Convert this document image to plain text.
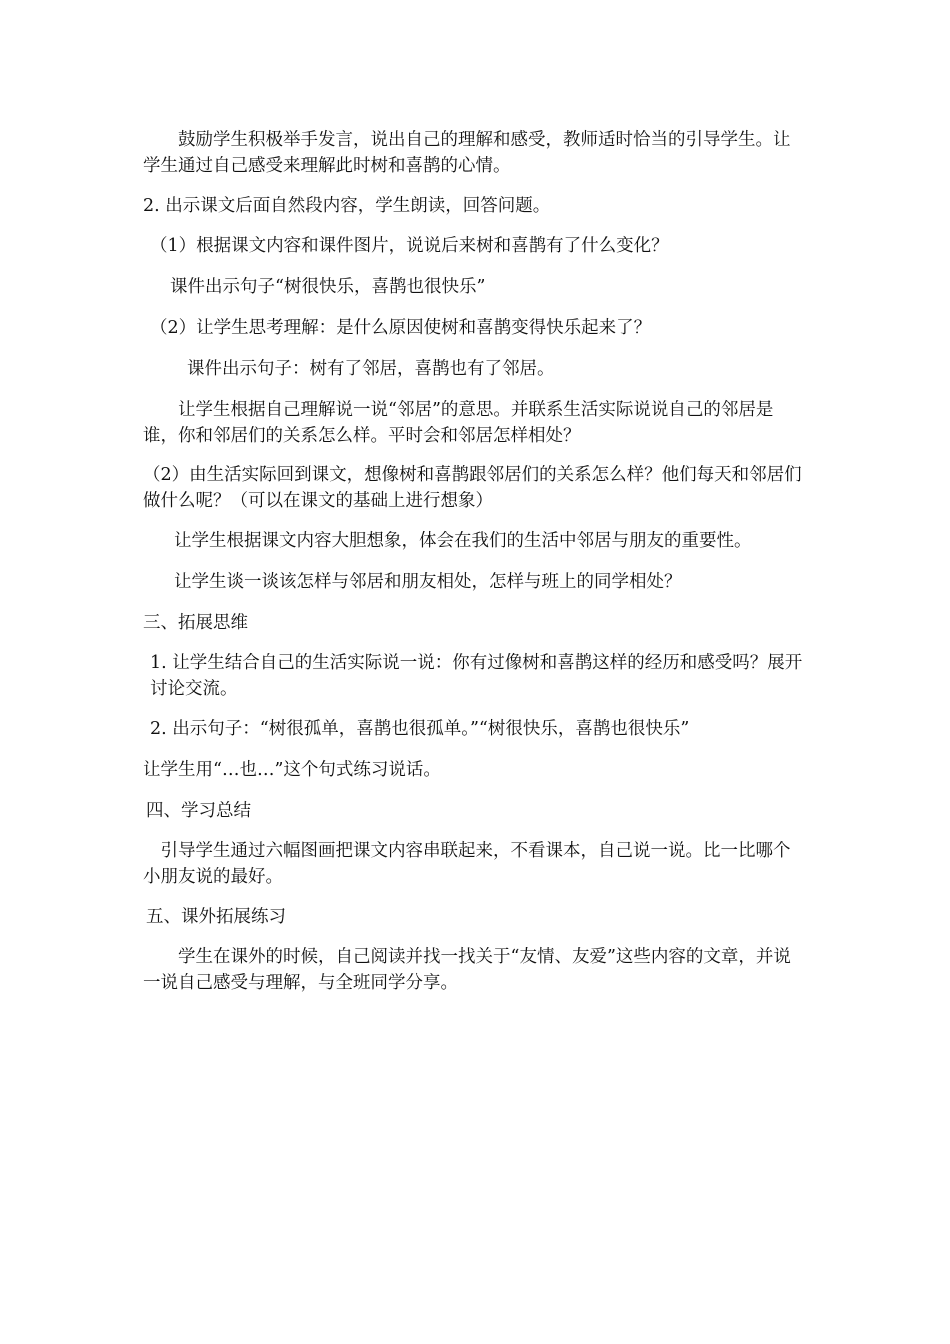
　　鼓励学生积极举手发言，说出自己的理解和感受，教师适时恰当的引导学生。让学生通过自己感受来理解此时树和喜鹊的心情。
2. 出示课文后面自然段内容，学生朗读，回答问题。
（1）根据课文内容和课件图片，说说后来树和喜鹊有了什么变化？
课件出示句子“树很快乐，喜鹊也很快乐”
（2）让学生思考理解：是什么原因使树和喜鹊变得快乐起来了？
课件出示句子：树有了邻居，喜鹊也有了邻居。
　　让学生根据自己理解说一说“邻居”的意思。并联系生活实际说说自己的邻居是谁，你和邻居们的关系怎么样。平时会和邻居怎样相处？
（2）由生活实际回到课文，想像树和喜鹊跟邻居们的关系怎么样？他们每天和邻居们做什么呢？（可以在课文的基础上进行想象）
让学生根据课文内容大胆想象，体会在我们的生活中邻居与朋友的重要性。
让学生谈一谈该怎样与邻居和朋友相处，怎样与班上的同学相处？
三、拓展思维
1. 让学生结合自己的生活实际说一说：你有过像树和喜鹊这样的经历和感受吗？展开讨论交流。
2. 出示句子：“树很孤单，喜鹊也很孤单。”“树很快乐，喜鹊也很快乐”
让学生用“…也…”这个句式练习说话。
四、学习总结
　引导学生通过六幅图画把课文内容串联起来，不看课本，自己说一说。比一比哪个小朋友说的最好。
五、课外拓展练习
　　学生在课外的时候，自己阅读并找一找关于“友情、友爱”这些内容的文章，并说一说自己感受与理解，与全班同学分享。
